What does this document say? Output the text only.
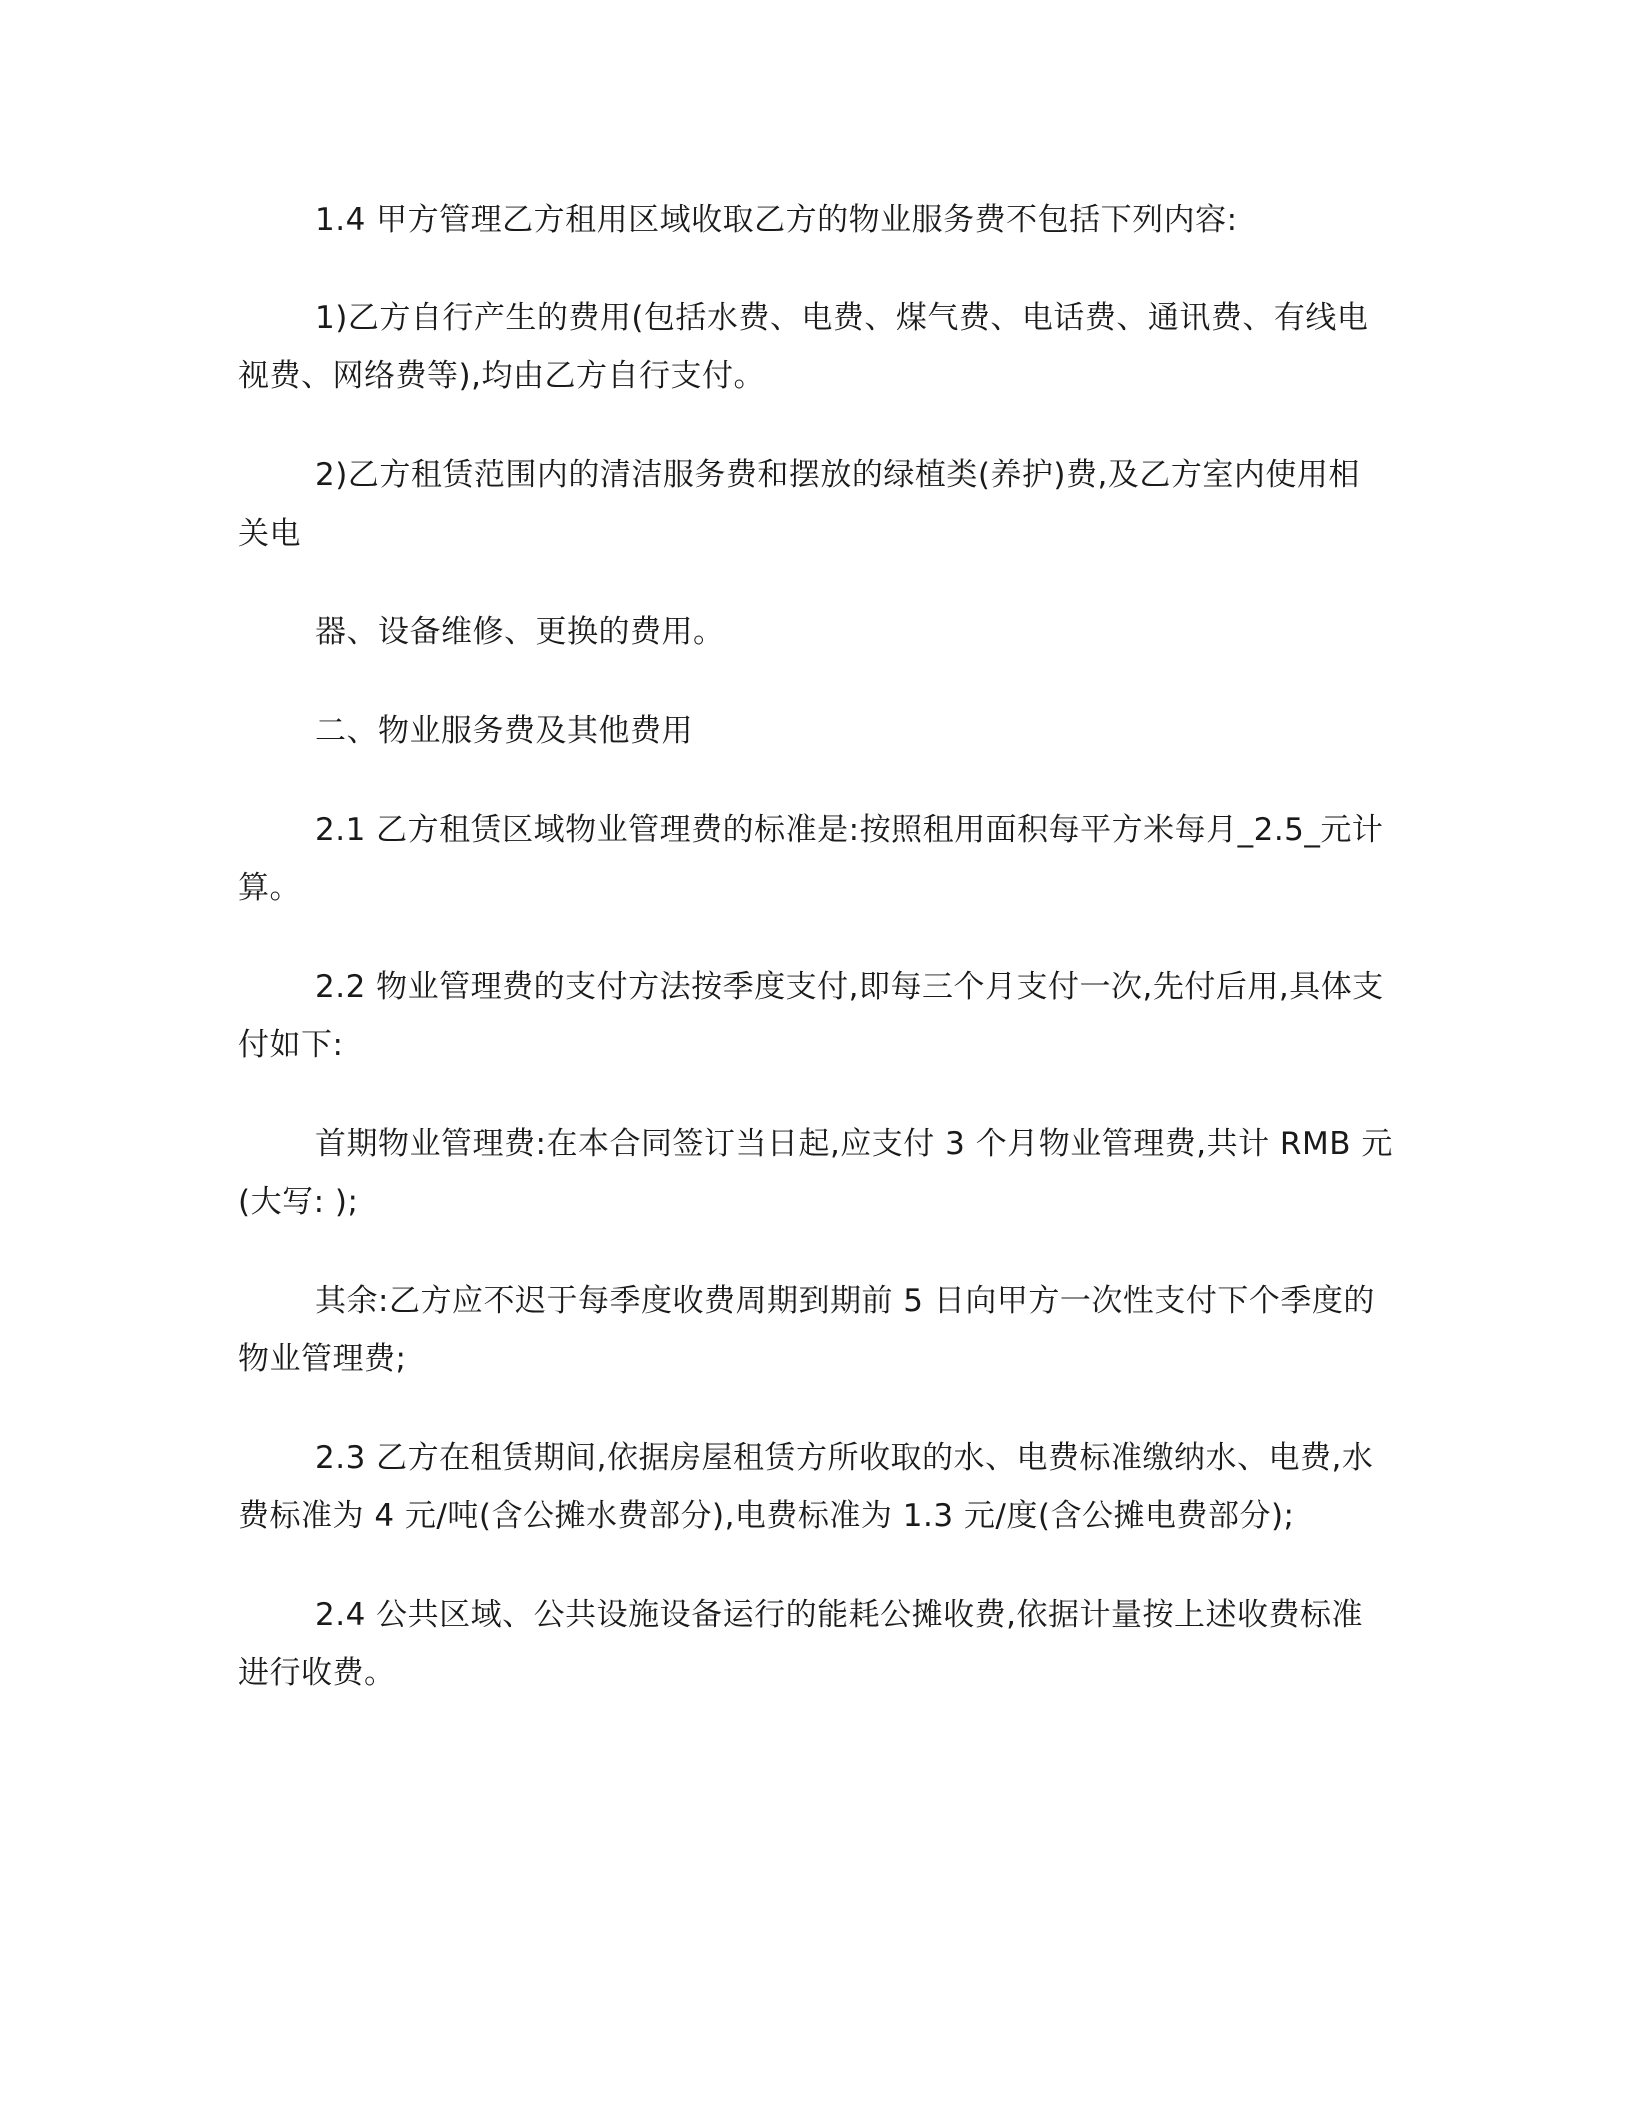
1.4 甲方管理乙方租用区域收取乙方的物业服务费不包括下列内容:
1)乙方自行产生的费用(包括水费、电费、煤气费、电话费、通讯费、有线电
视费、网络费等),均由乙方自行支付。
2)乙方租赁范围内的清洁服务费和摆放的绿植类(养护)费,及乙方室内使用相
关电
器、设备维修、更换的费用。
二、物业服务费及其他费用
2.1 乙方租赁区域物业管理费的标准是:按照租用面积每平方米每月_2.5_元计
算。
2.2 物业管理费的支付方法按季度支付,即每三个月支付一次,先付后用,具体支
付如下:
首期物业管理费:在本合同签订当日起,应支付 3 个月物业管理费,共计 RMB 元
(大写: );
其余:乙方应不迟于每季度收费周期到期前 5 日向甲方一次性支付下个季度的
物业管理费;
2.3 乙方在租赁期间,依据房屋租赁方所收取的水、电费标准缴纳水、电费,水
费标准为 4 元/吨(含公摊水费部分),电费标准为 1.3 元/度(含公摊电费部分);
2.4 公共区域、公共设施设备运行的能耗公摊收费,依据计量按上述收费标准
进行收费。
